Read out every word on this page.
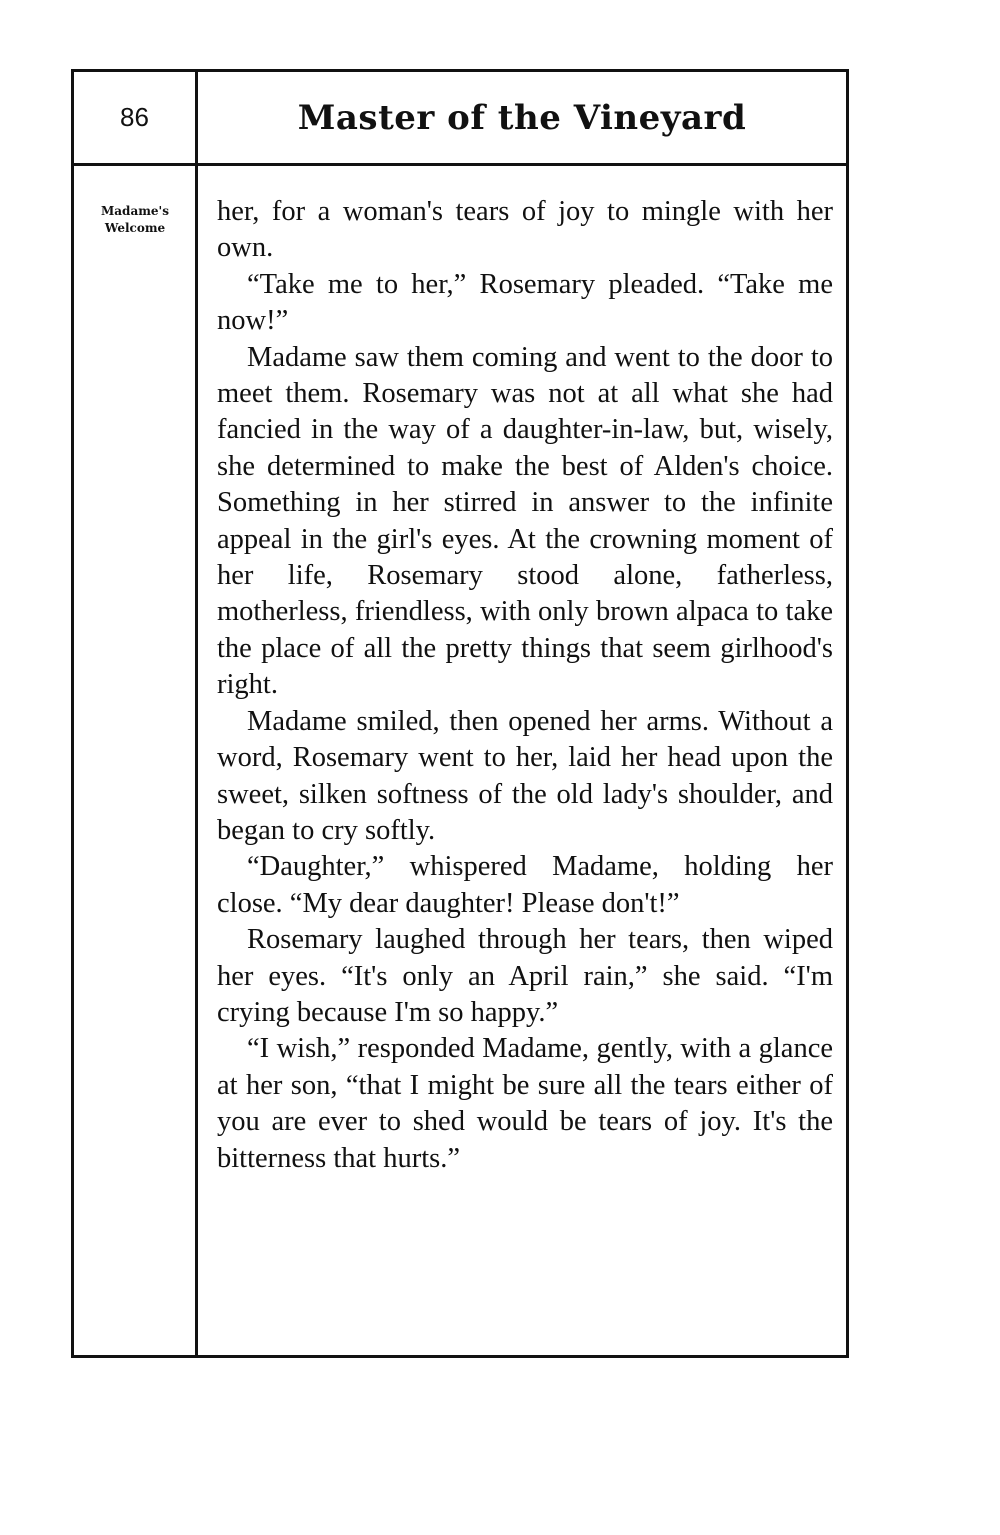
86	Master of the Vineyard
Madame's
Welcome

her, for a woman's tears of joy to mingle with her own.

“Take me to her,” Rosemary pleaded. “Take me now!”

Madame saw them coming and went to the door to meet them. Rosemary was not at all what she had fancied in the way of a daughter-in-law, but, wisely, she determined to make the best of Alden's choice. Something in her stirred in answer to the infinite appeal in the girl's eyes. At the crowning moment of her life, Rosemary stood alone, fatherless, motherless, friendless, with only brown alpaca to take the place of all the pretty things that seem girlhood's right.

Madame smiled, then opened her arms. Without a word, Rosemary went to her, laid her head upon the sweet, silken softness of the old lady's shoulder, and began to cry softly.

“Daughter,” whispered Madame, holding her close. “My dear daughter! Please don't!”

Rosemary laughed through her tears, then wiped her eyes. “It's only an April rain,” she said. “I'm crying because I'm so happy.”

“I wish,” responded Madame, gently, with a glance at her son, “that I might be sure all the tears either of you are ever to shed would be tears of joy. It's the bitterness that hurts.”
